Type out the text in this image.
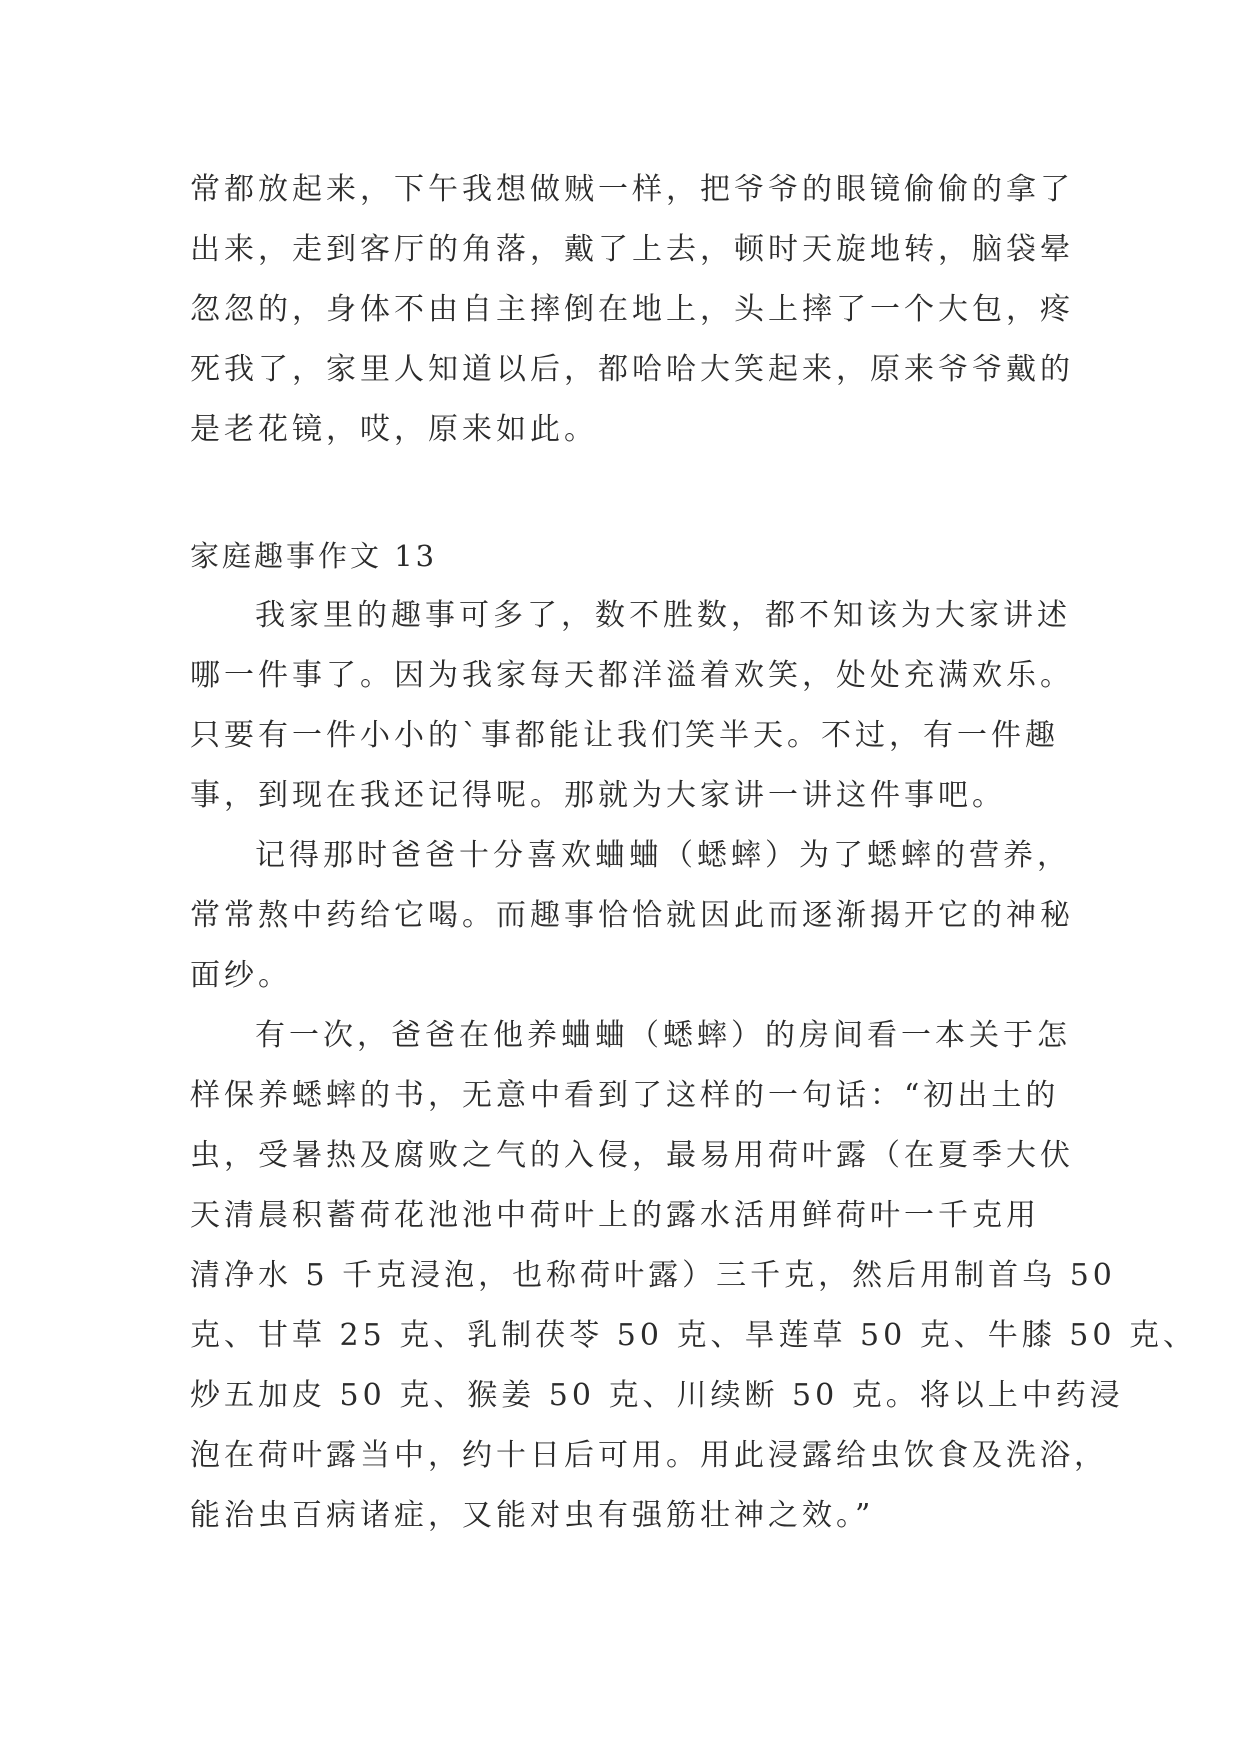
常都放起来，下午我想做贼一样，把爷爷的眼镜偷偷的拿了
出来，走到客厅的角落，戴了上去，顿时天旋地转，脑袋晕
忽忽的，身体不由自主摔倒在地上，头上摔了一个大包，疼
死我了，家里人知道以后，都哈哈大笑起来，原来爷爷戴的
是老花镜，哎，原来如此。
家庭趣事作文 13
我家里的趣事可多了，数不胜数，都不知该为大家讲述
哪一件事了。因为我家每天都洋溢着欢笑，处处充满欢乐。
只要有一件小小的`事都能让我们笑半天。不过，有一件趣
事，到现在我还记得呢。那就为大家讲一讲这件事吧。
记得那时爸爸十分喜欢蛐蛐（蟋蟀）为了蟋蟀的营养，
常常熬中药给它喝。而趣事恰恰就因此而逐渐揭开它的神秘
面纱。
有一次，爸爸在他养蛐蛐（蟋蟀）的房间看一本关于怎
样保养蟋蟀的书，无意中看到了这样的一句话：“初出土的
虫，受暑热及腐败之气的入侵，最易用荷叶露（在夏季大伏
天清晨积蓄荷花池池中荷叶上的露水活用鲜荷叶一千克用
清净水 5 千克浸泡，也称荷叶露）三千克，然后用制首乌 50
克、甘草 25 克、乳制茯苓 50 克、旱莲草 50 克、牛膝 50 克、
炒五加皮 50 克、猴姜 50 克、川续断 50 克。将以上中药浸
泡在荷叶露当中，约十日后可用。用此浸露给虫饮食及洗浴，
能治虫百病诸症，又能对虫有强筋壮神之效。”
